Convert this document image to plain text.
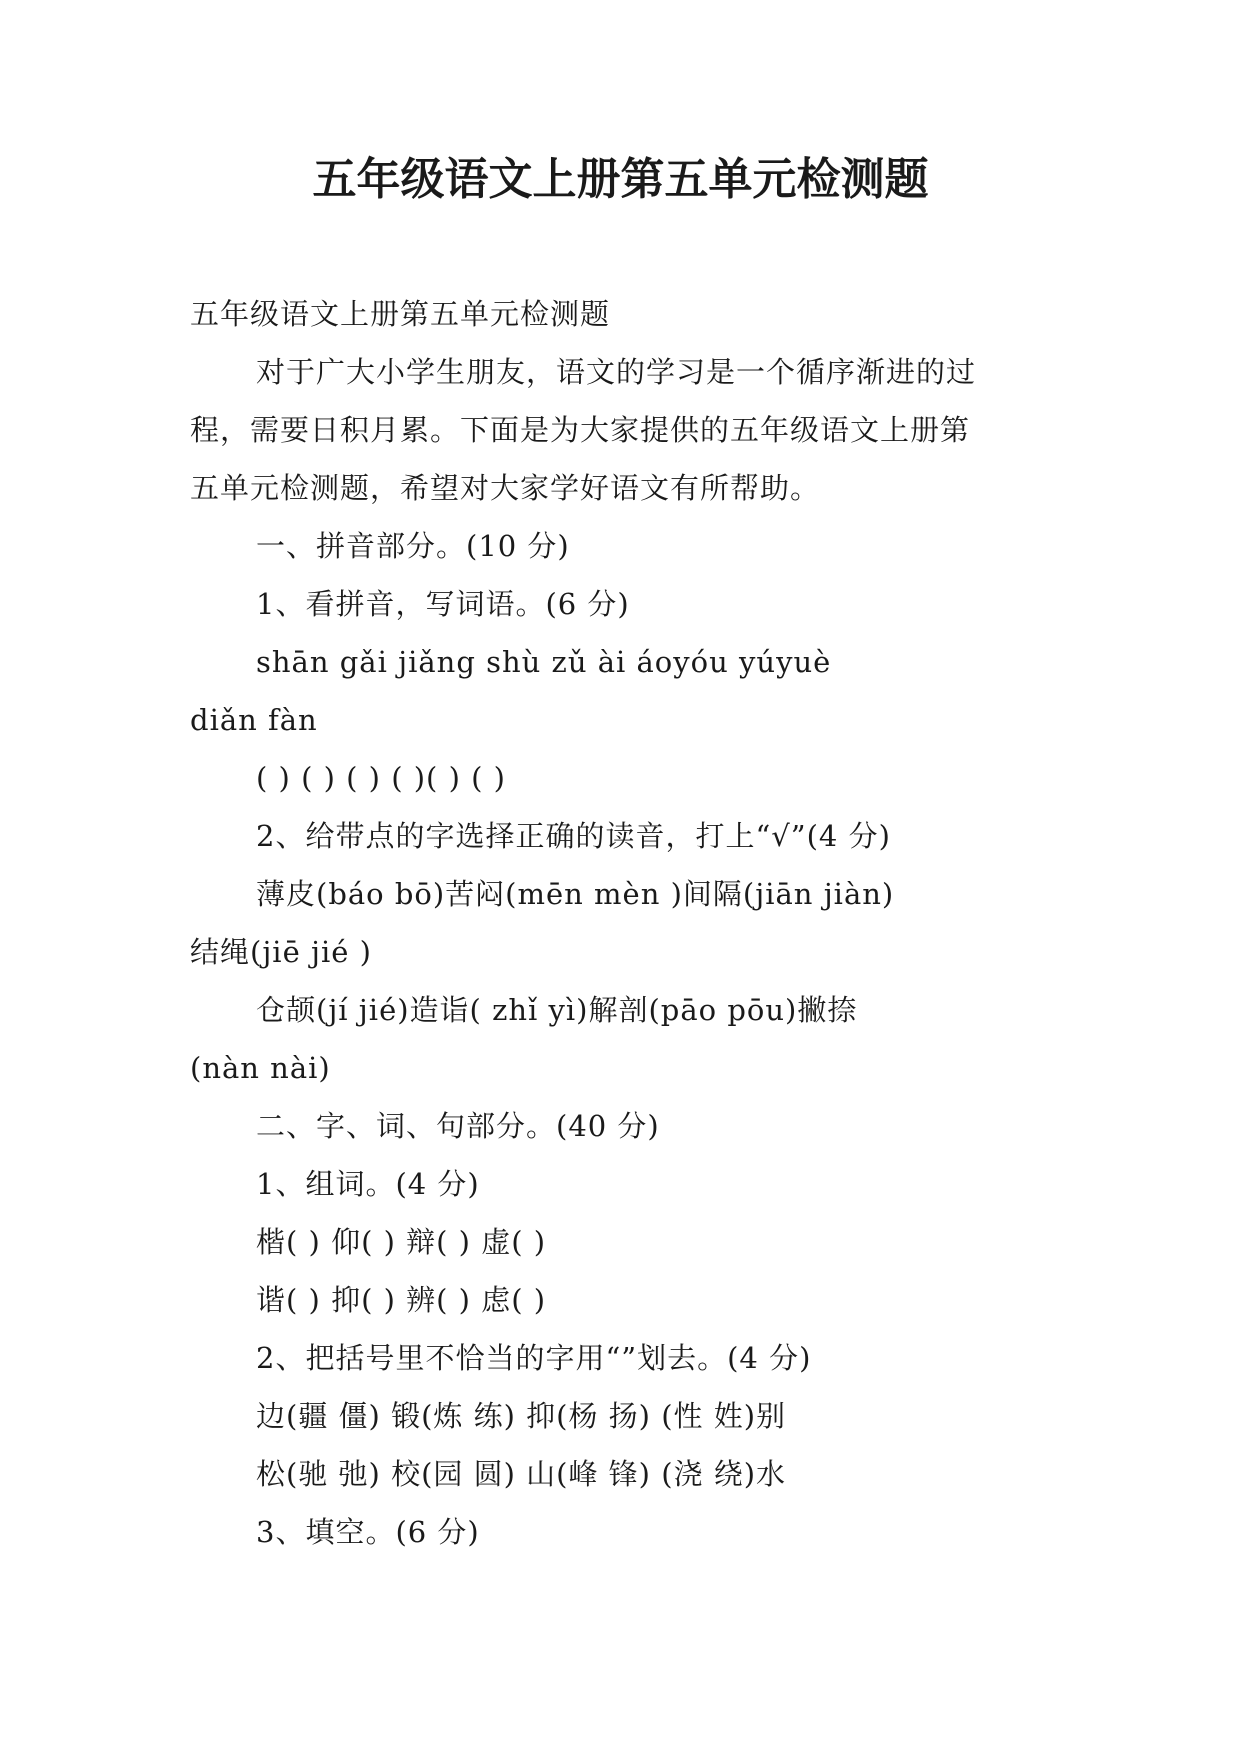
五年级语文上册第五单元检测题
五年级语文上册第五单元检测题
对于广大小学生朋友，语文的学习是一个循序渐进的过
程，需要日积月累。下面是为大家提供的五年级语文上册第
五单元检测题，希望对大家学好语文有所帮助。
一、拼音部分。(10 分)
1、看拼音，写词语。(6 分)
shān gǎi jiǎng shù zǔ ài áoyóu yúyuè
diǎn fàn
( ) ( ) ( ) ( )( ) ( )
2、给带点的字选择正确的读音，打上“√”(4 分)
薄皮(báo bō)苦闷(mēn mèn )间隔(jiān jiàn)
结绳(jiē jié )
仓颉(jí jié)造诣( zhǐ yì)解剖(pāo pōu)撇捺
(nàn nài)
二、字、词、句部分。(40 分)
1、组词。(4 分)
楷( ) 仰( ) 辩( ) 虚( )
谐( ) 抑( ) 辨( ) 虑( )
2、把括号里不恰当的字用“”划去。(4 分)
边(疆 僵) 锻(炼 练) 抑(杨 扬) (性 姓)别
松(驰 弛) 校(园 圆) 山(峰 锋) (浇 绕)水
3、填空。(6 分)
